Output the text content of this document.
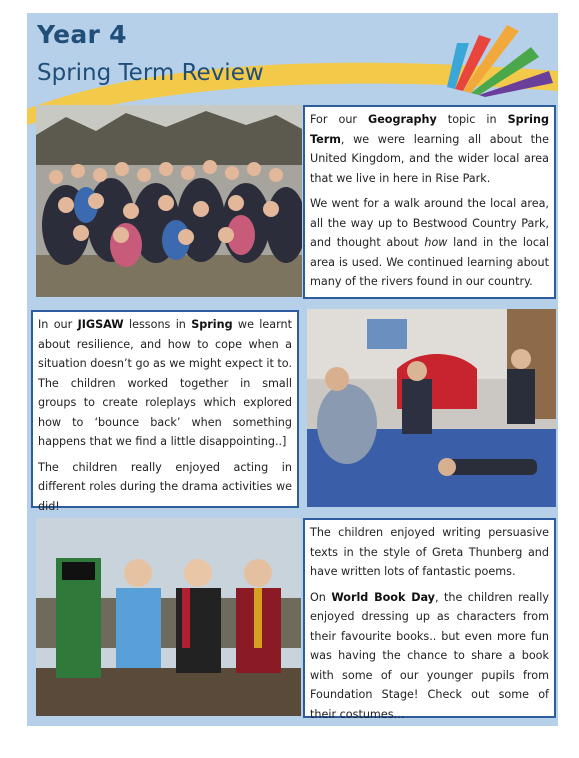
Year 4
Spring Term Review

For our Geography topic in Spring Term, we were learning all about the United Kingdom, and the wider local area that we live in here in Rise Park.

We went for a walk around the local area, all the way up to Bestwood Country Park, and thought about how land in the local area is used. We continued learning about many of the rivers found in our country.

In our JIGSAW lessons in Spring we learnt about resilience, and how to cope when a situation doesn’t go as we might expect it to. The children worked together in small groups to create roleplays which explored how to ‘bounce back’ when something happens that we find a little disappointing..]

The children really enjoyed acting in different roles during the drama activities we did!

The children enjoyed writing persuasive texts in the style of Greta Thunberg and have written lots of fantastic poems.

On World Book Day, the children really enjoyed dressing up as characters from their favourite books.. but even more fun was having the chance to share a book with some of our younger pupils from Foundation Stage! Check out some of their costumes…
